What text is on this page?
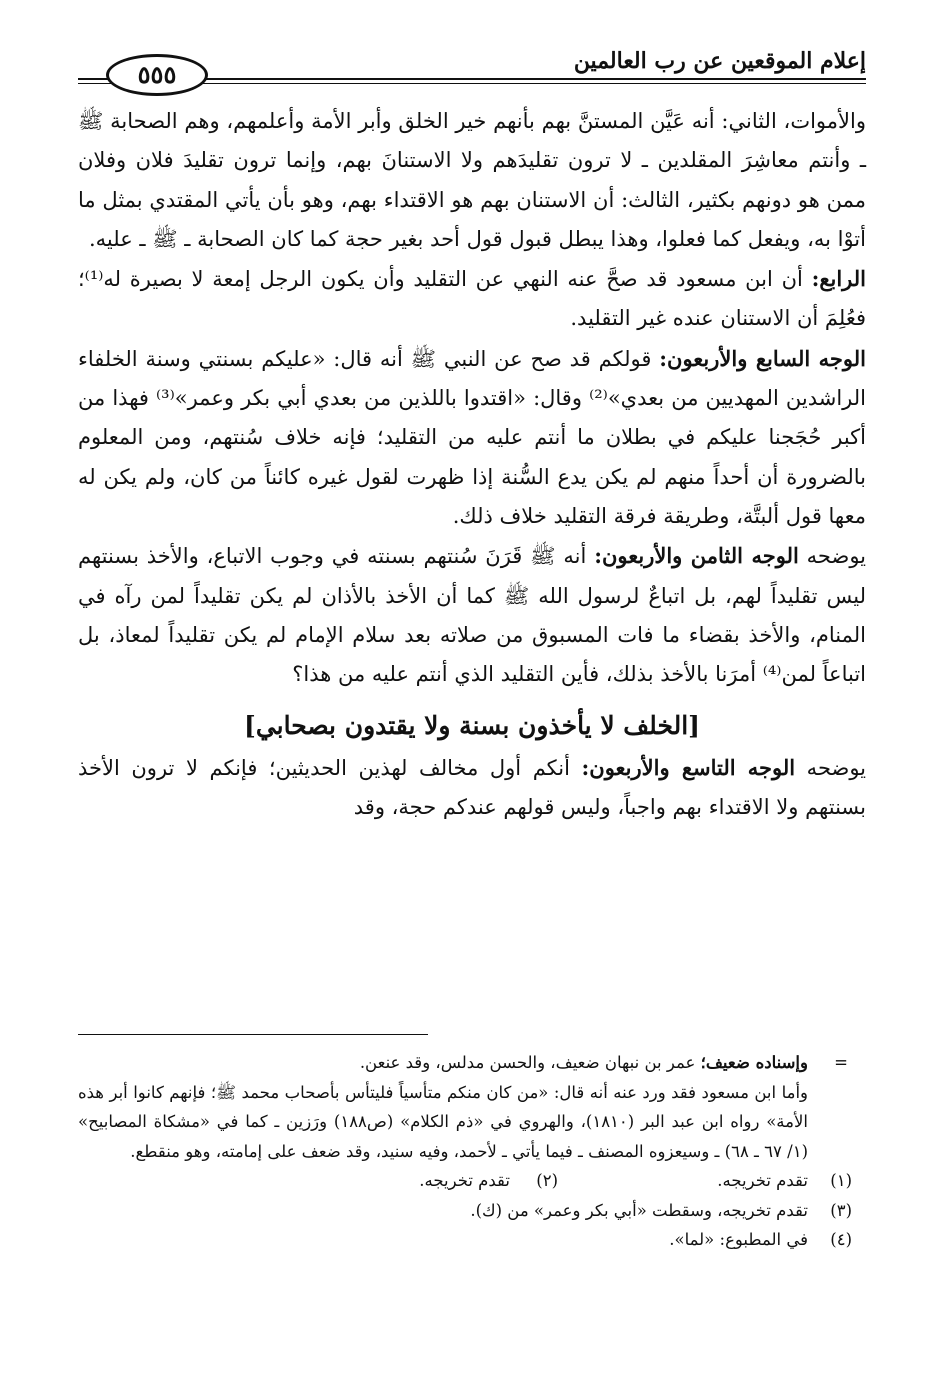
إعلام الموقعين عن رب العالمين
٥٥٥

والأموات، الثاني: أنه عَيَّن المستنَّ بهم بأنهم خير الخلق وأبر الأمة وأعلمهم، وهم الصحابة ﷺ ـ وأنتم معاشِرَ المقلدين ـ لا ترون تقليدَهم ولا الاستنانَ بهم، وإنما ترون تقليدَ فلان وفلان ممن هو دونهم بكثير، الثالث: أن الاستنان بهم هو الاقتداء بهم، وهو بأن يأتي المقتدي بمثل ما أتوْا به، ويفعل كما فعلوا، وهذا يبطل قبول قول أحد بغير حجة كما كان الصحابة ـ ﷺ ـ عليه.

الرابع: أن ابن مسعود قد صحَّ عنه النهي عن التقليد وأن يكون الرجل إمعة لا بصيرة له⁽¹⁾؛ فعُلِمَ أن الاستنان عنده غير التقليد.

الوجه السابع والأربعون: قولكم قد صح عن النبي ﷺ أنه قال: «عليكم بسنتي وسنة الخلفاء الراشدين المهديين من بعدي»⁽²⁾ وقال: «اقتدوا باللذين من بعدي أبي بكر وعمر»⁽³⁾ فهذا من أكبر حُجَجنا عليكم في بطلان ما أنتم عليه من التقليد؛ فإنه خلاف سُنتهم، ومن المعلوم بالضرورة أن أحداً منهم لم يكن يدع السُّنة إذا ظهرت لقول غيره كائناً من كان، ولم يكن له معها قول ألبتَّة، وطريقة فرقة التقليد خلاف ذلك.

يوضحه الوجه الثامن والأربعون: أنه ﷺ قَرَنَ سُنتهم بسنته في وجوب الاتباع، والأخذ بسنتهم ليس تقليداً لهم، بل اتباعٌ لرسول الله ﷺ كما أن الأخذ بالأذان لم يكن تقليداً لمن رآه في المنام، والأخذ بقضاء ما فات المسبوق من صلاته بعد سلام الإمام لم يكن تقليداً لمعاذ، بل اتباعاً لمن⁽⁴⁾ أمرَنا بالأخذ بذلك، فأين التقليد الذي أنتم عليه من هذا؟

[الخلف لا يأخذون بسنة ولا يقتدون بصحابي]

يوضحه الوجه التاسع والأربعون: أنكم أول مخالف لهذين الحديثين؛ فإنكم لا ترون الأخذ بسنتهم ولا الاقتداء بهم واجباً، وليس قولهم عندكم حجة، وقد

=
وإسناده ضعيف؛ عمر بن نبهان ضعيف، والحسن مدلس، وقد عنعن.
وأما ابن مسعود فقد ورد عنه أنه قال: «من كان منكم متأسياً فليتأس بأصحاب محمد ﷺ؛ فإنهم كانوا أبر هذه الأمة» رواه ابن عبد البر (١٨١٠)، والهروي في «ذم الكلام» (ص١٨٨) ورَزين ـ كما في «مشكاة المصابيح» (١/ ٦٧ ـ ٦٨) ـ وسيعزوه المصنف ـ فيما يأتي ـ لأحمد، وفيه سنيد، وقد ضعف على إمامته، وهو منقطع.
(١)
تقدم تخريجه.
(٢)
تقدم تخريجه.
(٣)
تقدم تخريجه، وسقطت «أبي بكر وعمر» من (ك).
(٤)
في المطبوع: «لما».
